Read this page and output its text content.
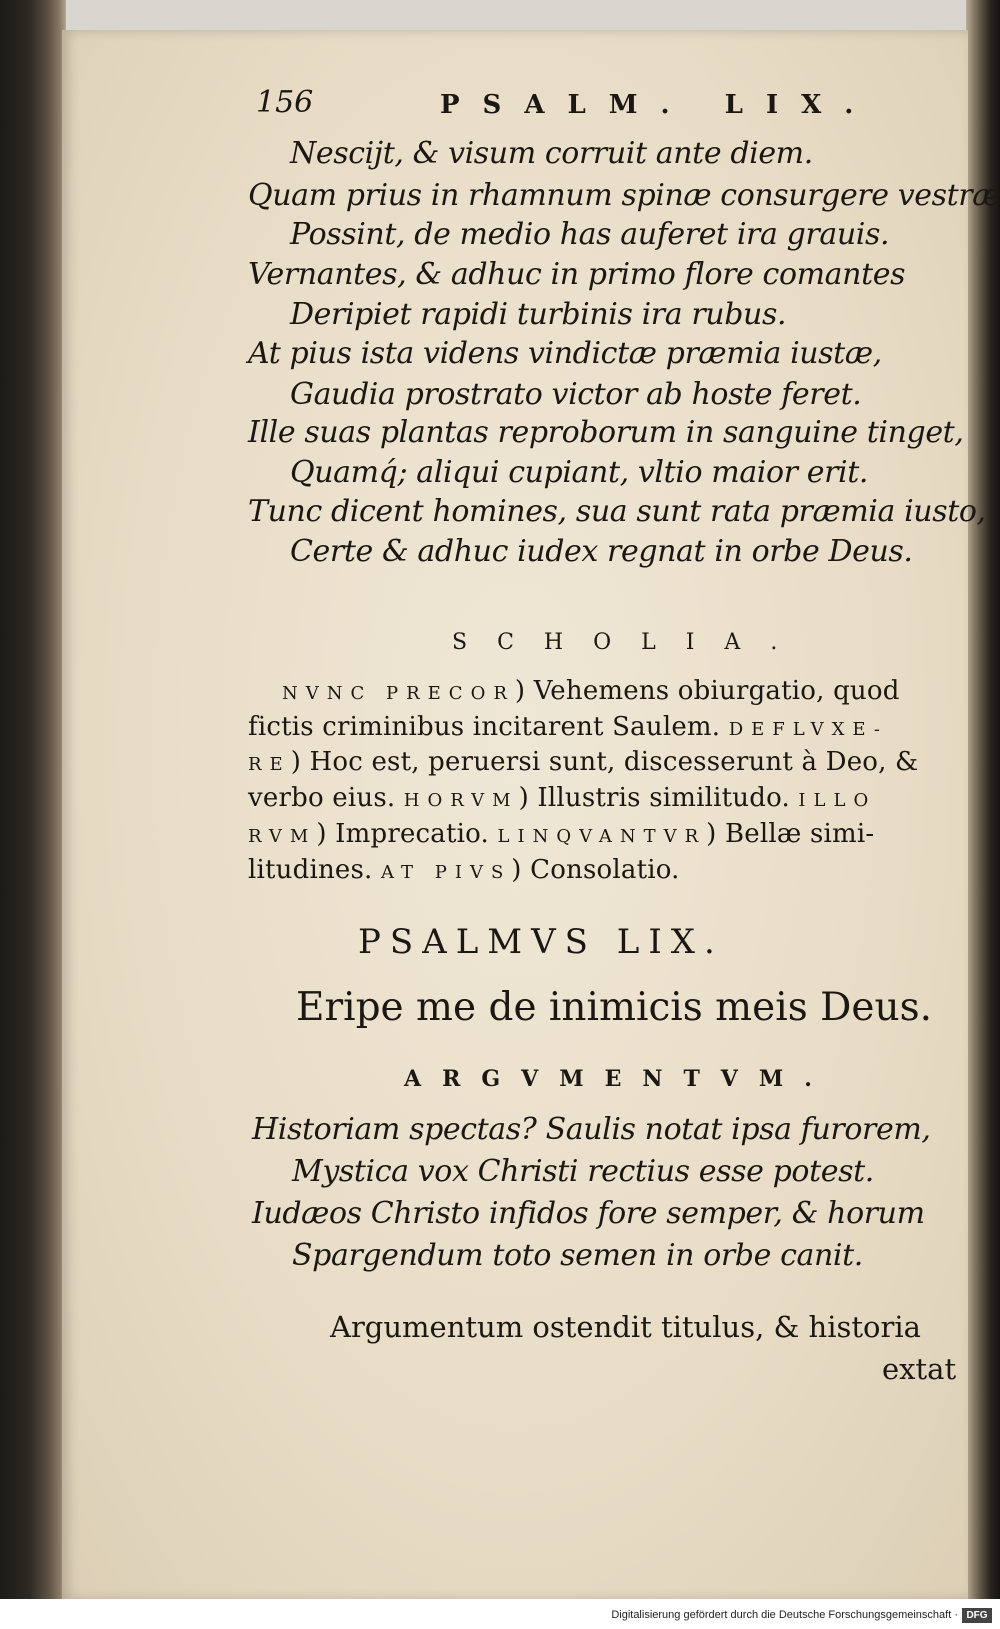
156	PSALM. LIX.
Nescijt, & visum corruit ante diem.
Quam prius in rhamnum spinæ consurgere vestræ
Possint, de medio has auferet ira grauis.
Vernantes, & adhuc in primo flore comantes
Deripiet rapidi turbinis ira rubus.
At pius ista videns vindictæ præmia iustæ,
Gaudia prostrato victor ab hoste feret.
Ille suas plantas reproborum in sanguine tinget,
Quamq́; aliqui cupiant, vltio maior erit.
Tunc dicent homines, sua sunt rata præmia iusto,
Certe & adhuc iudex regnat in orbe Deus.
SCHOLIA.
NVNC PRECOR) Vehemens obiurgatio, quod
fictis criminibus incitarent Saulem. DEFLVXE-
RE) Hoc est, peruersi sunt, discesserunt à Deo, &
verbo eius. HORVM) Illustris similitudo. ILLO
RVM) Imprecatio. LINQVANTVR) Bellæ simi-
litudines. AT PIVS) Consolatio.
PSALMVS LIX.
Eripe me de inimicis meis Deus.
ARGVMENTVM.
Historiam spectas? Saulis notat ipsa furorem,
Mystica vox Christi rectius esse potest.
Iudæos Christo infidos fore semper, & horum
Spargendum toto semen in orbe canit.
Argumentum ostendit titulus, & historia
extat
Digitalisierung gefördert durch die Deutsche Forschungsgemeinschaft · DFG
